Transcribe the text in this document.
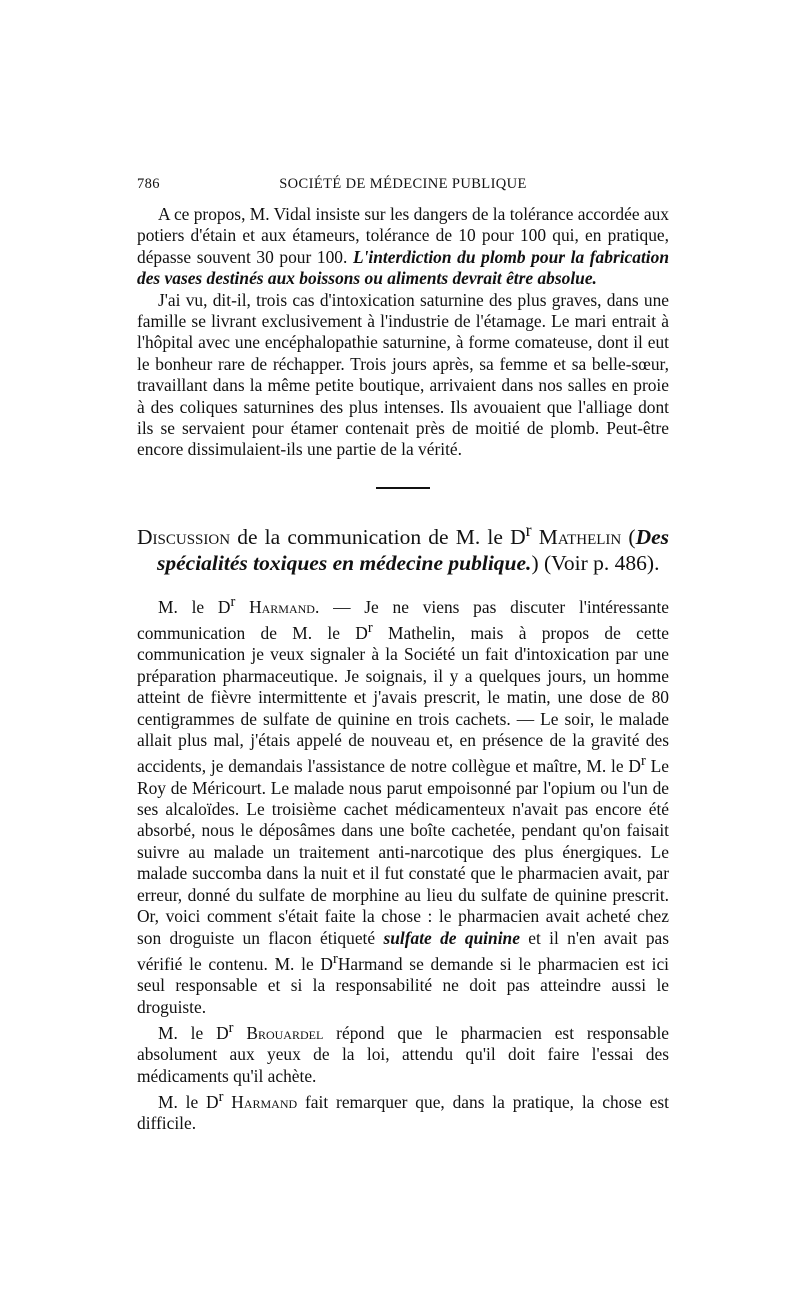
786	SOCIÉTÉ DE MÉDECINE PUBLIQUE

A ce propos, M. Vidal insiste sur les dangers de la tolérance accordée aux potiers d'étain et aux étameurs, tolérance de 10 pour 100 qui, en pratique, dépasse souvent 30 pour 100. L'interdiction du plomb pour la fabrication des vases destinés aux boissons ou aliments devrait être absolue.

J'ai vu, dit-il, trois cas d'intoxication saturnine des plus graves, dans une famille se livrant exclusivement à l'industrie de l'étamage. Le mari entrait à l'hôpital avec une encéphalopathie saturnine, à forme comateuse, dont il eut le bonheur rare de réchapper. Trois jours après, sa femme et sa belle-sœur, travaillant dans la même petite boutique, arrivaient dans nos salles en proie à des coliques saturnines des plus intenses. Ils avouaient que l'alliage dont ils se servaient pour étamer contenait près de moitié de plomb. Peut-être encore dissimulaient-ils une partie de la vérité.

Discussion de la communication de M. le $D^r$ Mathelin (Des spécialités toxiques en médecine publique.) (Voir p. 486).

M. le $D^r$ Harmand. — Je ne viens pas discuter l'intéressante communication de M. le $D^r$ Mathelin, mais à propos de cette communication je veux signaler à la Société un fait d'intoxication par une préparation pharmaceutique. Je soignais, il y a quelques jours, un homme atteint de fièvre intermittente et j'avais prescrit, le matin, une dose de 80 centigrammes de sulfate de quinine en trois cachets. — Le soir, le malade allait plus mal, j'étais appelé de nouveau et, en présence de la gravité des accidents, je demandais l'assistance de notre collègue et maître, M. le $D^r$ Le Roy de Méricourt. Le malade nous parut empoisonné par l'opium ou l'un de ses alcaloïdes. Le troisième cachet médicamenteux n'avait pas encore été absorbé, nous le déposâmes dans une boîte cachetée, pendant qu'on faisait suivre au malade un traitement anti-narcotique des plus énergiques. Le malade succomba dans la nuit et il fut constaté que le pharmacien avait, par erreur, donné du sulfate de morphine au lieu du sulfate de quinine prescrit. Or, voici comment s'était faite la chose : le pharmacien avait acheté chez son droguiste un flacon étiqueté sulfate de quinine et il n'en avait pas vérifié le contenu. M. le $D^rHarmand$ se demande si le pharmacien est ici seul responsable et si la responsabilité ne doit pas atteindre aussi le droguiste.

M. le $D^r$ Brouardel répond que le pharmacien est responsable absolument aux yeux de la loi, attendu qu'il doit faire l'essai des médicaments qu'il achète.

M. le $D^r$ Harmand fait remarquer que, dans la pratique, la chose est difficile.
